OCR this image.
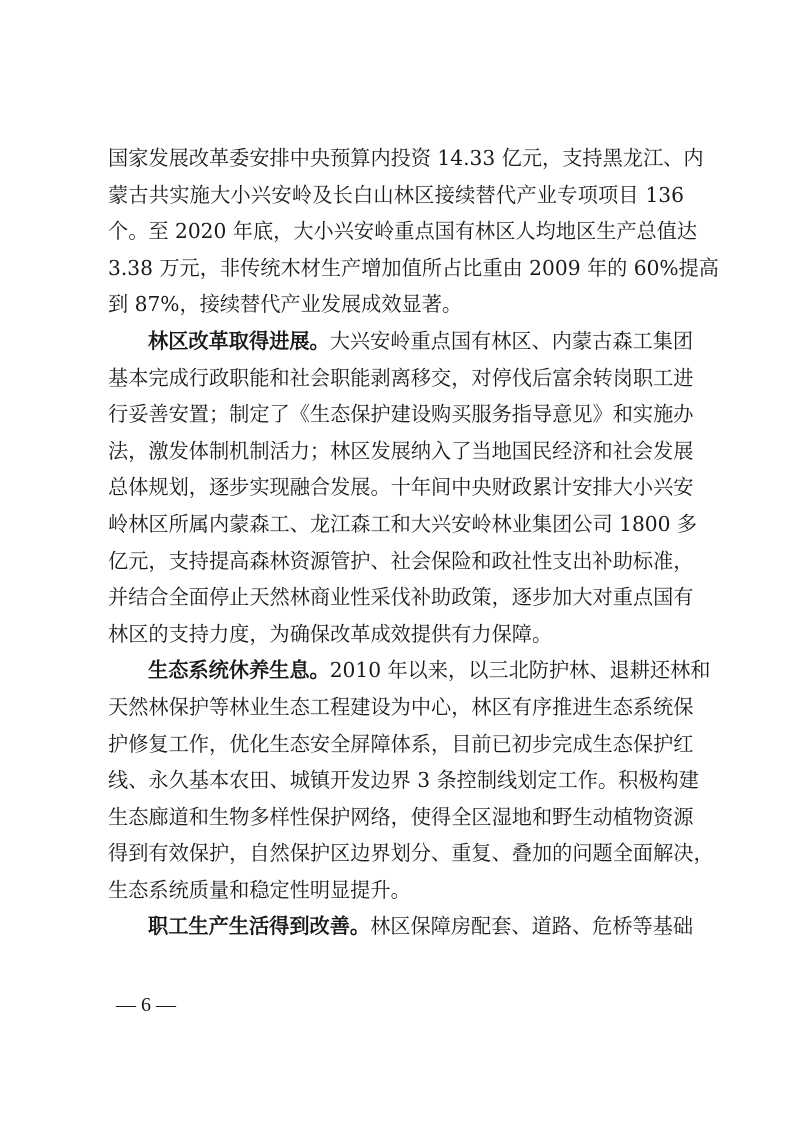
国家发展改革委安排中央预算内投资 14.33 亿元，支持黑龙江、内
蒙古共实施大小兴安岭及长白山林区接续替代产业专项项目 136
个。至 2020 年底，大小兴安岭重点国有林区人均地区生产总值达
3.38 万元，非传统木材生产增加值所占比重由 2009 年的 60%提高
到 87%，接续替代产业发展成效显著。
林区改革取得进展。大兴安岭重点国有林区、内蒙古森工集团
基本完成行政职能和社会职能剥离移交，对停伐后富余转岗职工进
行妥善安置；制定了《生态保护建设购买服务指导意见》和实施办
法，激发体制机制活力；林区发展纳入了当地国民经济和社会发展
总体规划，逐步实现融合发展。十年间中央财政累计安排大小兴安
岭林区所属内蒙森工、龙江森工和大兴安岭林业集团公司 1800 多
亿元，支持提高森林资源管护、社会保险和政社性支出补助标准，
并结合全面停止天然林商业性采伐补助政策，逐步加大对重点国有
林区的支持力度，为确保改革成效提供有力保障。
生态系统休养生息。2010 年以来，以三北防护林、退耕还林和
天然林保护等林业生态工程建设为中心，林区有序推进生态系统保
护修复工作，优化生态安全屏障体系，目前已初步完成生态保护红
线、永久基本农田、城镇开发边界 3 条控制线划定工作。积极构建
生态廊道和生物多样性保护网络，使得全区湿地和野生动植物资源
得到有效保护，自然保护区边界划分、重复、叠加的问题全面解决，
生态系统质量和稳定性明显提升。
职工生产生活得到改善。林区保障房配套、道路、危桥等基础
— 6 —
